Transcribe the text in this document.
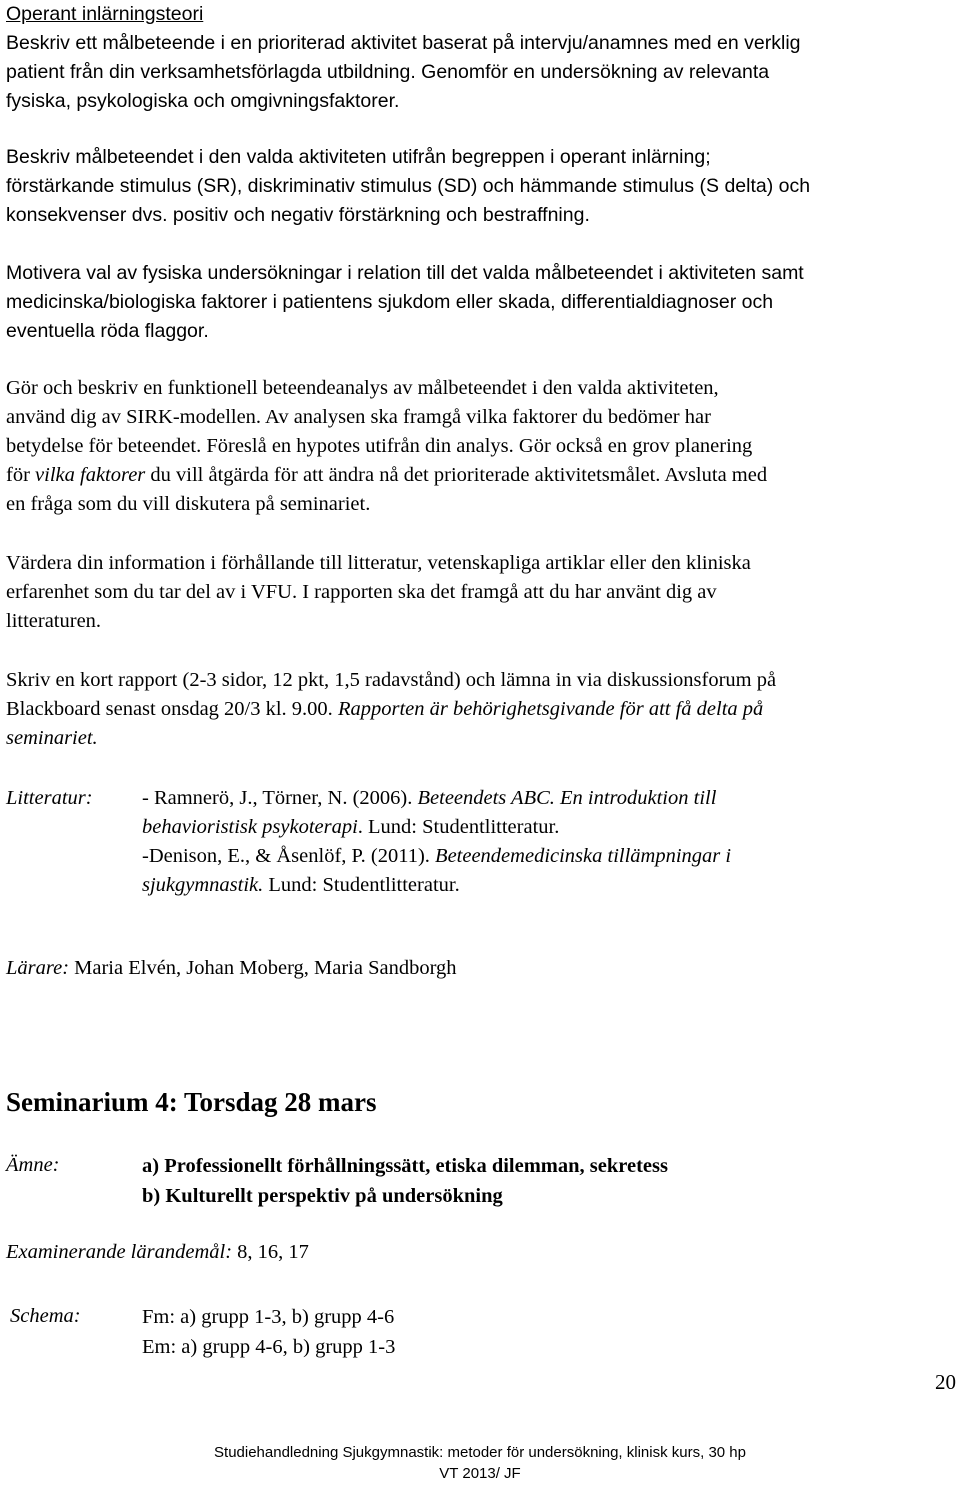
Operant inlärningsteori
Beskriv ett målbeteende i en prioriterad aktivitet baserat på intervju/anamnes med en verklig
patient från din verksamhetsförlagda utbildning. Genomför en undersökning av relevanta
fysiska, psykologiska och omgivningsfaktorer.
Beskriv målbeteendet i den valda aktiviteten utifrån begreppen i operant inlärning;
förstärkande stimulus (SR), diskriminativ stimulus (SD) och hämmande stimulus (S delta) och
konsekvenser dvs. positiv och negativ förstärkning och bestraffning.
Motivera val av fysiska undersökningar i relation till det valda målbeteendet i aktiviteten samt
medicinska/biologiska faktorer i patientens sjukdom eller skada, differentialdiagnoser och
eventuella röda flaggor.
Gör och beskriv en funktionell beteendeanalys av målbeteendet i den valda aktiviteten,
använd dig av SIRK-modellen. Av analysen ska framgå vilka faktorer du bedömer har
betydelse för beteendet. Föreslå en hypotes utifrån din analys. Gör också en grov planering
för vilka faktorer du vill åtgärda för att ändra nå det prioriterade aktivitetsmålet. Avsluta med
en fråga som du vill diskutera på seminariet.
Värdera din information i förhållande till litteratur, vetenskapliga artiklar eller den kliniska
erfarenhet som du tar del av i VFU. I rapporten ska det framgå att du har använt dig av
litteraturen.
Skriv en kort rapport (2-3 sidor, 12 pkt, 1,5 radavstånd) och lämna in via diskussionsforum på
Blackboard senast onsdag 20/3 kl. 9.00. Rapporten är behörighetsgivande för att få delta på
seminariet.
Litteratur: - Ramnerö, J., Törner, N. (2006). Beteendets ABC. En introduktion till
behavioristisk psykoterapi. Lund: Studentlitteratur.
-Denison, E., & Åsenlöf, P. (2011). Beteendemedicinska tillämpningar i
sjukgymnastik. Lund: Studentlitteratur.
Lärare: Maria Elvén, Johan Moberg, Maria Sandborgh
Seminarium 4: Torsdag 28 mars
Ämne:	a) Professionellt förhållningssätt, etiska dilemman, sekretess
b) Kulturellt perspektiv på undersökning
Examinerande lärandemål: 8, 16, 17
Schema:	Fm: a) grupp 1-3, b) grupp 4-6
Em: a) grupp 4-6, b) grupp 1-3
20
Studiehandledning Sjukgymnastik: metoder för undersökning, klinisk kurs, 30 hp
VT 2013/ JF
